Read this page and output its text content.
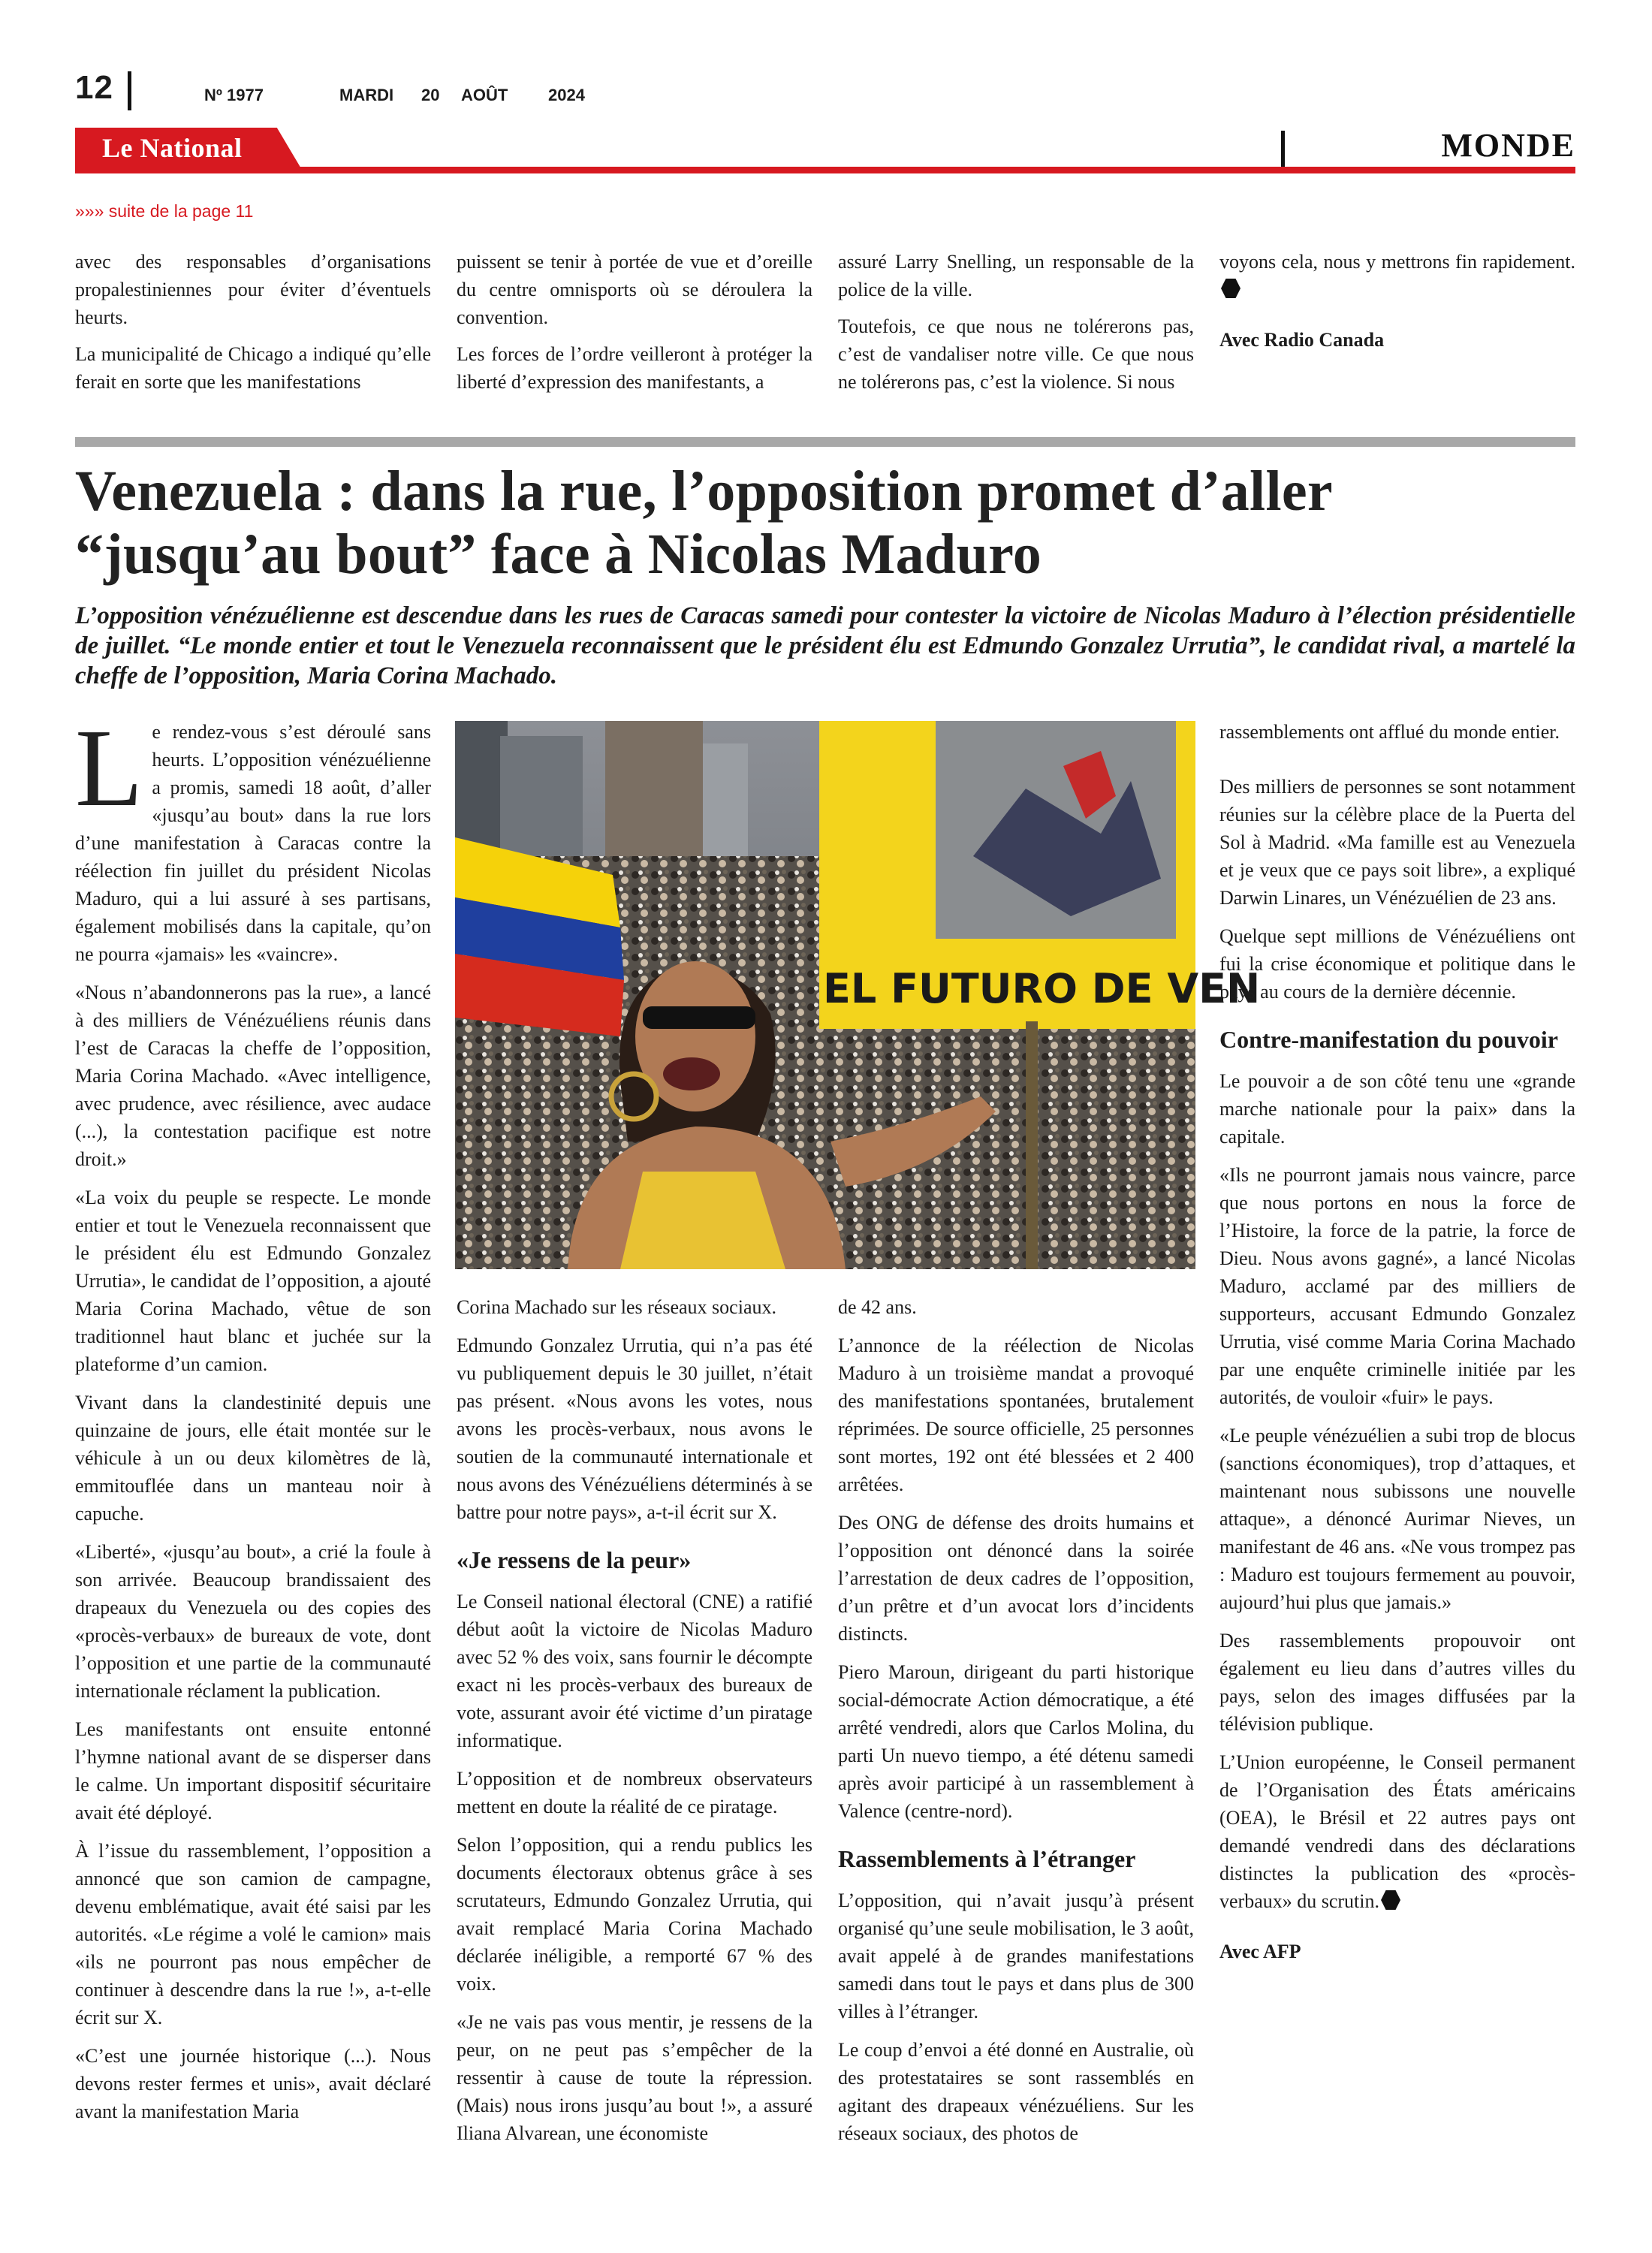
12	Nº 1977	MARDI 20 AOÛT 2024
Le National	MONDE
»»» suite de la page 11

avec des responsables d’organisations propalestiniennes pour éviter d’éventuels heurts.

La municipalité de Chicago a indiqué qu’elle ferait en sorte que les manifestations

puissent se tenir à portée de vue et d’oreille du centre omnisports où se déroulera la convention.

Les forces de l’ordre veilleront à protéger la liberté d’expression des manifestants, a

assuré Larry Snelling, un responsable de la police de la ville.

Toutefois, ce que nous ne tolérerons pas, c’est de vandaliser notre ville. Ce que nous ne tolérerons pas, c’est la violence. Si nous

voyons cela, nous y mettrons fin rapidement.

Avec Radio Canada

Venezuela : dans la rue, l’opposition promet d’aller
“jusqu’au bout” face à Nicolas Maduro

L’opposition vénézuélienne est descendue dans les rues de Caracas samedi pour contester la victoire de Nicolas Maduro à l’élection présidentielle de juillet. “Le monde entier et tout le Venezuela reconnaissent que le président élu est Edmundo Gonzalez Urrutia”, le candidat rival, a martelé la cheffe de l’opposition, Maria Corina Machado.

Le rendez-vous s’est déroulé sans heurts. L’opposition vénézuélienne a promis, samedi 18 août, d’aller «jusqu’au bout» dans la rue lors d’une manifestation à Caracas contre la réélection fin juillet du président Nicolas Maduro, qui a lui assuré à ses partisans, également mobilisés dans la capitale, qu’on ne pourra «jamais» les «vaincre».

«Nous n’abandonnerons pas la rue», a lancé à des milliers de Vénézuéliens réunis dans l’est de Caracas la cheffe de l’opposition, Maria Corina Machado. «Avec intelligence, avec prudence, avec résilience, avec audace (...), la contestation pacifique est notre droit.»

«La voix du peuple se respecte. Le monde entier et tout le Venezuela reconnaissent que le président élu est Edmundo Gonzalez Urrutia», le candidat de l’opposition, a ajouté Maria Corina Machado, vêtue de son traditionnel haut blanc et juchée sur la plateforme d’un camion.

Vivant dans la clandestinité depuis une quinzaine de jours, elle était montée sur le véhicule à un ou deux kilomètres de là, emmitouflée dans un manteau noir à capuche.

«Liberté», «jusqu’au bout», a crié la foule à son arrivée. Beaucoup brandissaient des drapeaux du Venezuela ou des copies des «procès-verbaux» de bureaux de vote, dont l’opposition et une partie de la communauté internationale réclament la publication.

Les manifestants ont ensuite entonné l’hymne national avant de se disperser dans le calme. Un important dispositif sécuritaire avait été déployé.

À l’issue du rassemblement, l’opposition a annoncé que son camion de campagne, devenu emblématique, avait été saisi par les autorités. «Le régime a volé le camion» mais «ils ne pourront pas nous empêcher de continuer à descendre dans la rue !», a-t-elle écrit sur X.

«C’est une journée historique (...). Nous devons rester fermes et unis», avait déclaré avant la manifestation Maria

EL FUTURO DE VEN

Corina Machado sur les réseaux sociaux.

Edmundo Gonzalez Urrutia, qui n’a pas été vu publiquement depuis le 30 juillet, n’était pas présent. «Nous avons les votes, nous avons les procès-verbaux, nous avons le soutien de la communauté internationale et nous avons des Vénézuéliens déterminés à se battre pour notre pays», a-t-il écrit sur X.

«Je ressens de la peur»

Le Conseil national électoral (CNE) a ratifié début août la victoire de Nicolas Maduro avec 52 % des voix, sans fournir le décompte exact ni les procès-verbaux des bureaux de vote, assurant avoir été victime d’un piratage informatique.

L’opposition et de nombreux observateurs mettent en doute la réalité de ce piratage.

Selon l’opposition, qui a rendu publics les documents électoraux obtenus grâce à ses scrutateurs, Edmundo Gonzalez Urrutia, qui avait remplacé Maria Corina Machado déclarée inéligible, a remporté 67 % des voix.

«Je ne vais pas vous mentir, je ressens de la peur, on ne peut pas s’empêcher de la ressentir à cause de toute la répression. (Mais) nous irons jusqu’au bout !», a assuré Iliana Alvarean, une économiste

de 42 ans.

L’annonce de la réélection de Nicolas Maduro à un troisième mandat a provoqué des manifestations spontanées, brutalement réprimées. De source officielle, 25 personnes sont mortes, 192 ont été blessées et 2 400 arrêtées.

Des ONG de défense des droits humains et l’opposition ont dénoncé dans la soirée l’arrestation de deux cadres de l’opposition, d’un prêtre et d’un avocat lors d’incidents distincts.

Piero Maroun, dirigeant du parti historique social-démocrate Action démocratique, a été arrêté vendredi, alors que Carlos Molina, du parti Un nuevo tiempo, a été détenu samedi après avoir participé à un rassemblement à Valence (centre-nord).

Rassemblements à l’étranger

L’opposition, qui n’avait jusqu’à présent organisé qu’une seule mobilisation, le 3 août, avait appelé à de grandes manifestations samedi dans tout le pays et dans plus de 300 villes à l’étranger.

Le coup d’envoi a été donné en Australie, où des protestataires se sont rassemblés en agitant des drapeaux vénézuéliens. Sur les réseaux sociaux, des photos de

rassemblements ont afflué du monde entier.

Des milliers de personnes se sont notamment réunies sur la célèbre place de la Puerta del Sol à Madrid. «Ma famille est au Venezuela et je veux que ce pays soit libre», a expliqué Darwin Linares, un Vénézuélien de 23 ans.

Quelque sept millions de Vénézuéliens ont fui la crise économique et politique dans le pays au cours de la dernière décennie.

Contre-manifestation du pouvoir

Le pouvoir a de son côté tenu une «grande marche nationale pour la paix» dans la capitale.

«Ils ne pourront jamais nous vaincre, parce que nous portons en nous la force de l’Histoire, la force de la patrie, la force de Dieu. Nous avons gagné», a lancé Nicolas Maduro, acclamé par des milliers de supporteurs, accusant Edmundo Gonzalez Urrutia, visé comme Maria Corina Machado par une enquête criminelle initiée par les autorités, de vouloir «fuir» le pays.

«Le peuple vénézuélien a subi trop de blocus (sanctions économiques), trop d’attaques, et maintenant nous subissons une nouvelle attaque», a dénoncé Aurimar Nieves, un manifestant de 46 ans. «Ne vous trompez pas : Maduro est toujours fermement au pouvoir, aujourd’hui plus que jamais.»

Des rassemblements propouvoir ont également eu lieu dans d’autres villes du pays, selon des images diffusées par la télévision publique.

L’Union européenne, le Conseil permanent de l’Organisation des États américains (OEA), le Brésil et 22 autres pays ont demandé vendredi dans des déclarations distinctes la publication des «procès-verbaux» du scrutin.

Avec AFP
